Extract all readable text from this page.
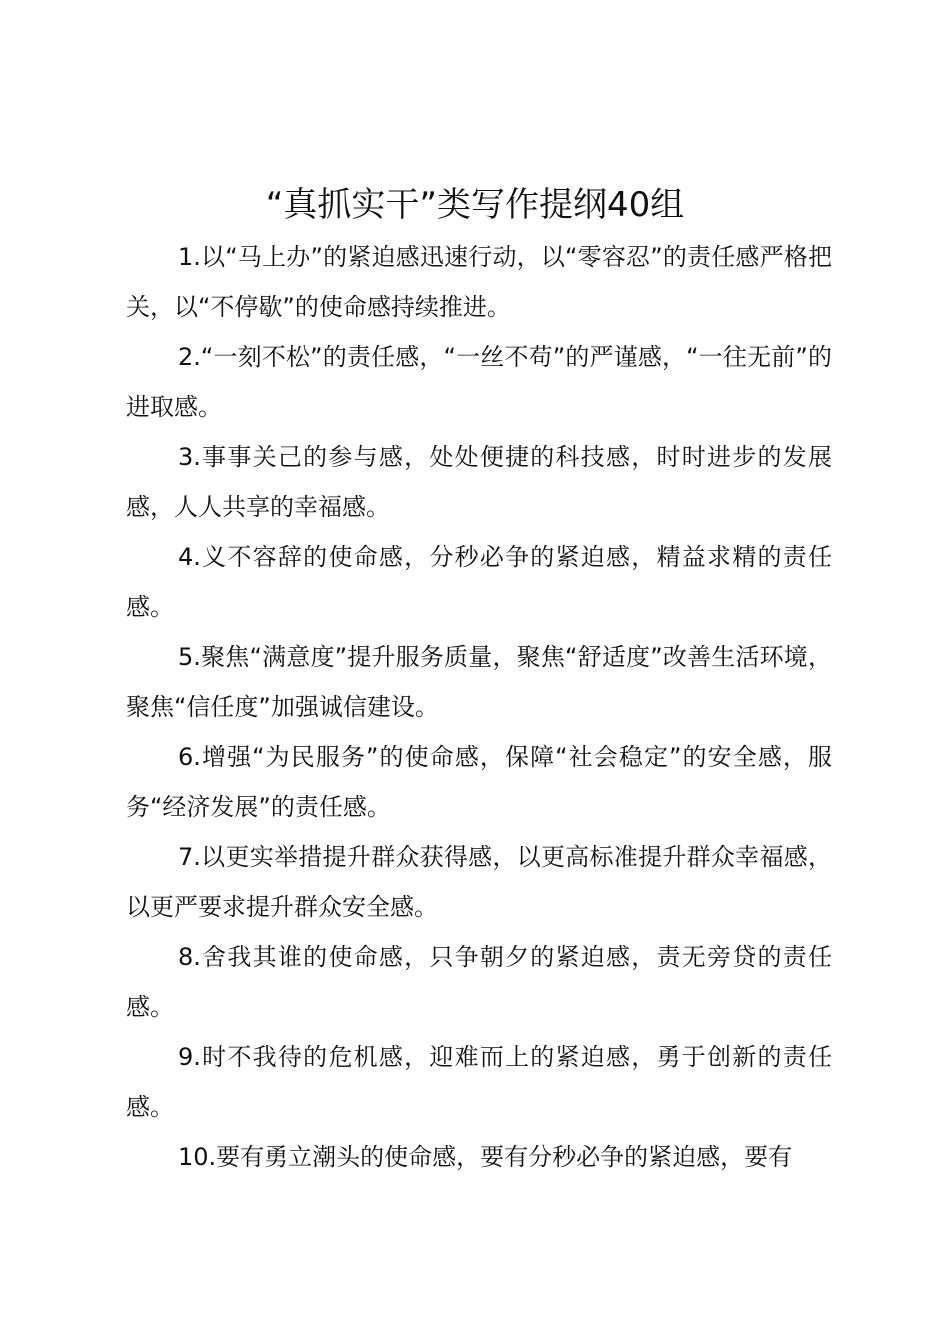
“真抓实干”类写作提纲40组

1.以“马上办”的紧迫感迅速行动，以“零容忍”的责任感严格把关，以“不停歇”的使命感持续推进。

2.“一刻不松”的责任感，“一丝不苟”的严谨感，“一往无前”的进取感。

3.事事关己的参与感，处处便捷的科技感，时时进步的发展感，人人共享的幸福感。

4.义不容辞的使命感，分秒必争的紧迫感，精益求精的责任感。

5.聚焦“满意度”提升服务质量，聚焦“舒适度”改善生活环境，聚焦“信任度”加强诚信建设。

6.增强“为民服务”的使命感，保障“社会稳定”的安全感，服务“经济发展”的责任感。

7.以更实举措提升群众获得感，以更高标准提升群众幸福感，以更严要求提升群众安全感。

8.舍我其谁的使命感，只争朝夕的紧迫感，责无旁贷的责任感。

9.时不我待的危机感，迎难而上的紧迫感，勇于创新的责任感。

10.要有勇立潮头的使命感，要有分秒必争的紧迫感，要有
